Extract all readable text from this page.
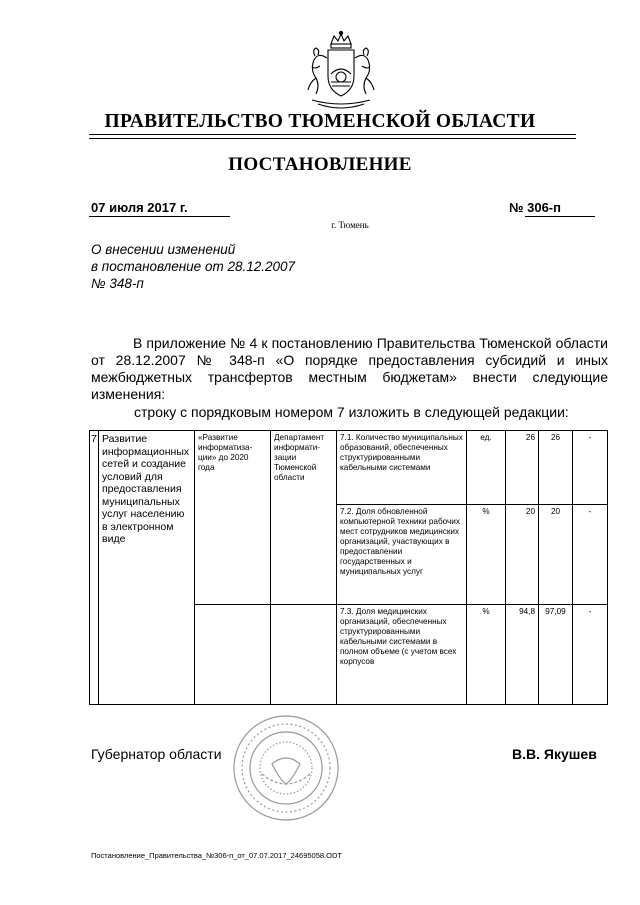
ПРАВИТЕЛЬСТВО ТЮМЕНСКОЙ ОБЛАСТИ
ПОСТАНОВЛЕНИЕ
07 июля 2017 г.	№ 306-п
г. Тюмень
О внесении изменений
в постановление от 28.12.2007
№ 348-п

В приложение № 4 к постановлению Правительства Тюменской области от 28.12.2007 № 348-п «О порядке предоставления субсидий и иных межбюджетных трансфертов местным бюджетам» внести следующие изменения:

строку с порядковым номером 7 изложить в следующей редакции:
7	Развитие информационных сетей и создание условий для предоставления муниципальных услуг населению в электронном виде	«Развитие информатиза-ции» до 2020 года	Департамент информати-зации Тюменской области	7.1. Количество муниципальных образований, обеспеченных структурированными кабельными системами	ед.	26	26	-
				7.2. Доля обновленной компьютерной техники рабочих мест сотрудников медицинских организаций, участвующих в предоставлении государственных и муниципальных услуг	%	20	20	-
				7.3. Доля медицинских организаций, обеспеченных структурированными кабельными системами в полном объеме (с учетом всех корпусов	%	94,8	97,09	-
Губернатор области	В.В. Якушев
Постановление_Правительства_№306-п_от_07.07.2017_24695058.ODT
